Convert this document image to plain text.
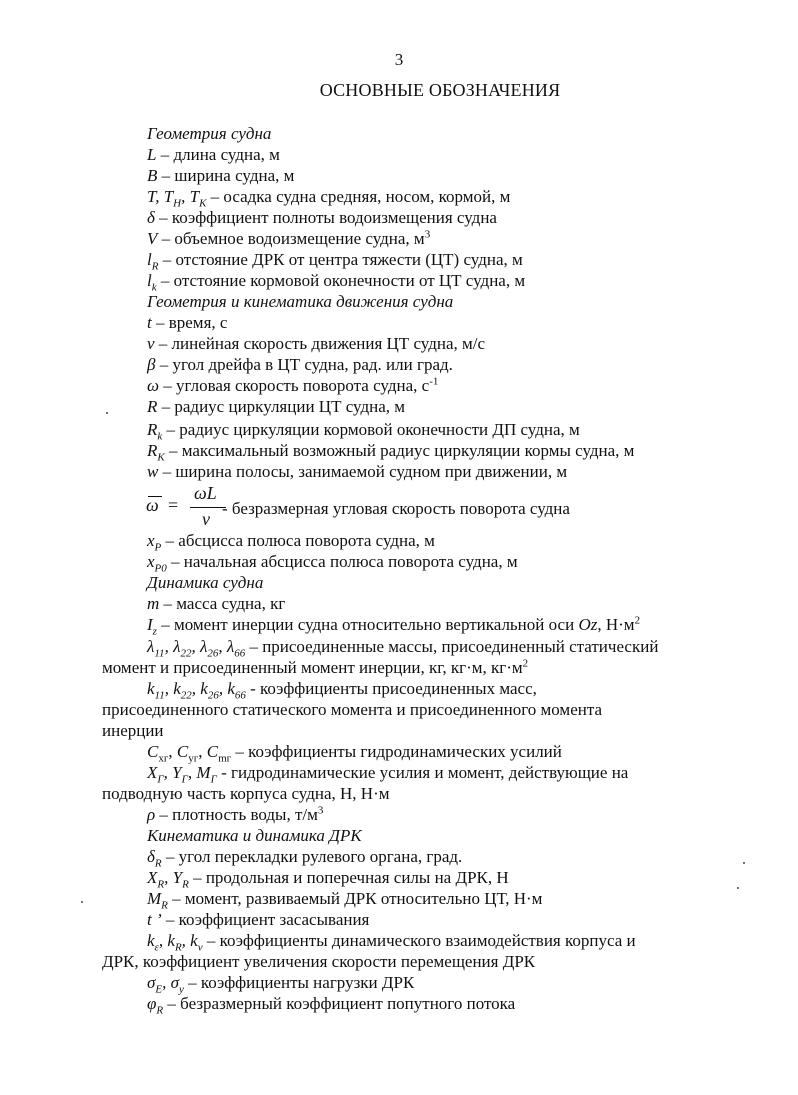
3
ОСНОВНЫЕ ОБОЗНАЧЕНИЯ
Геометрия судна
L – длина судна, м
B – ширина судна, м
T, $T_H$, $T_K$ – осадка судна средняя, носом, кормой, м
δ – коэффициент полноты водоизмещения судна
V – объемное водоизмещение судна, $м^3$
$l_R$ – отстояние ДРК от центра тяжести (ЦТ) судна, м
$l_k$ – отстояние кормовой оконечности от ЦТ судна, м
Геометрия и кинематика движения судна
t – время, с
v – линейная скорость движения ЦТ судна, м/с
β – угол дрейфа в ЦТ судна, рад. или град.
ω – угловая скорость поворота судна, $с^{-1}$
R – радиус циркуляции ЦТ судна, м
$R_k$ – радиус циркуляции кормовой оконечности ДП судна, м
$R_K$ – максимальный возможный радиус циркуляции кормы судна, м
w – ширина полосы, занимаемой судном при движении, м
ω =
ωL
v
- безразмерная угловая скорость поворота судна
$x_P$ – абсцисса полюса поворота судна, м
$x_{P0}$ – начальная абсцисса полюса поворота судна, м
Динамика судна
m – масса судна, кг
$I_z$ – момент инерции судна относительно вертикальной оси Oz, $Н\cdot м^2$
$\lambda_{11}$, $\lambda_{22}$, $\lambda_{26}$, $\lambda_{66}$ – присоединенные массы, присоединенный статический
момент и присоединенный момент инерции, кг, кг·м, $кг\cdot м^2$
$k_{11}$, $k_{22}$, $k_{26}$, $k_{66}$ - коэффициенты присоединенных масс,
присоединенного статического момента и присоединенного момента
инерции
$C_{xг}$, $C_{yг}$, $C_{mг}$ – коэффициенты гидродинамических усилий
$X_Г$, $Y_Г$, $M_Г$ - гидродинамические усилия и момент, действующие на
подводную часть корпуса судна, Н, Н·м
ρ – плотность воды, $т/м^3$
Кинематика и динамика ДРК
$\delta_R$ – угол перекладки рулевого органа, град.
$X_R$, $Y_R$ – продольная и поперечная силы на ДРК, Н
$M_R$ – момент, развиваемый ДРК относительно ЦТ, Н·м
t ’ – коэффициент засасывания
$k_\varepsilon$, $k_R$, $k_v$ – коэффициенты динамического взаимодействия корпуса и
ДРК, коэффициент увеличения скорости перемещения ДРК
$\sigma_E$, $\sigma_y$ – коэффициенты нагрузки ДРК
$\varphi_R$ – безразмерный коэффициент попутного потока
